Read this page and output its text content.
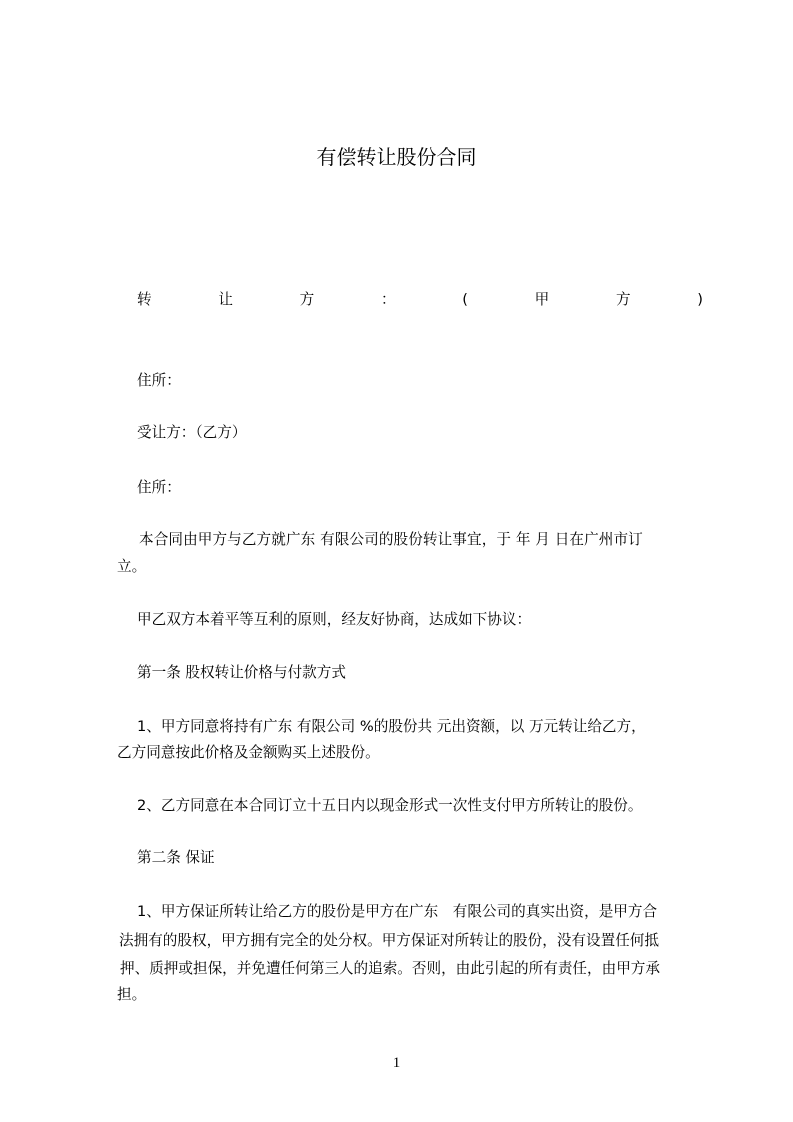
有偿转让股份合同
转	让	方	：	(	甲	方	)
住所：
受让方：（乙方）
住所：
本合同由甲方与乙方就广东 有限公司的股份转让事宜，于 年 月 日在广州市订
立。
甲乙双方本着平等互利的原则，经友好协商，达成如下协议：
第一条 股权转让价格与付款方式
1、甲方同意将持有广东 有限公司 %的股份共 元出资额，以 万元转让给乙方，
乙方同意按此价格及金额购买上述股份。
2、乙方同意在本合同订立十五日内以现金形式一次性支付甲方所转让的股份。
第二条 保证
1、甲方保证所转让给乙方的股份是甲方在广东　有限公司的真实出资，是甲方合
法拥有的股权，甲方拥有完全的处分权。甲方保证对所转让的股份，没有设置任何抵
押、质押或担保，并免遭任何第三人的追索。否则，由此引起的所有责任，由甲方承
担。
1
